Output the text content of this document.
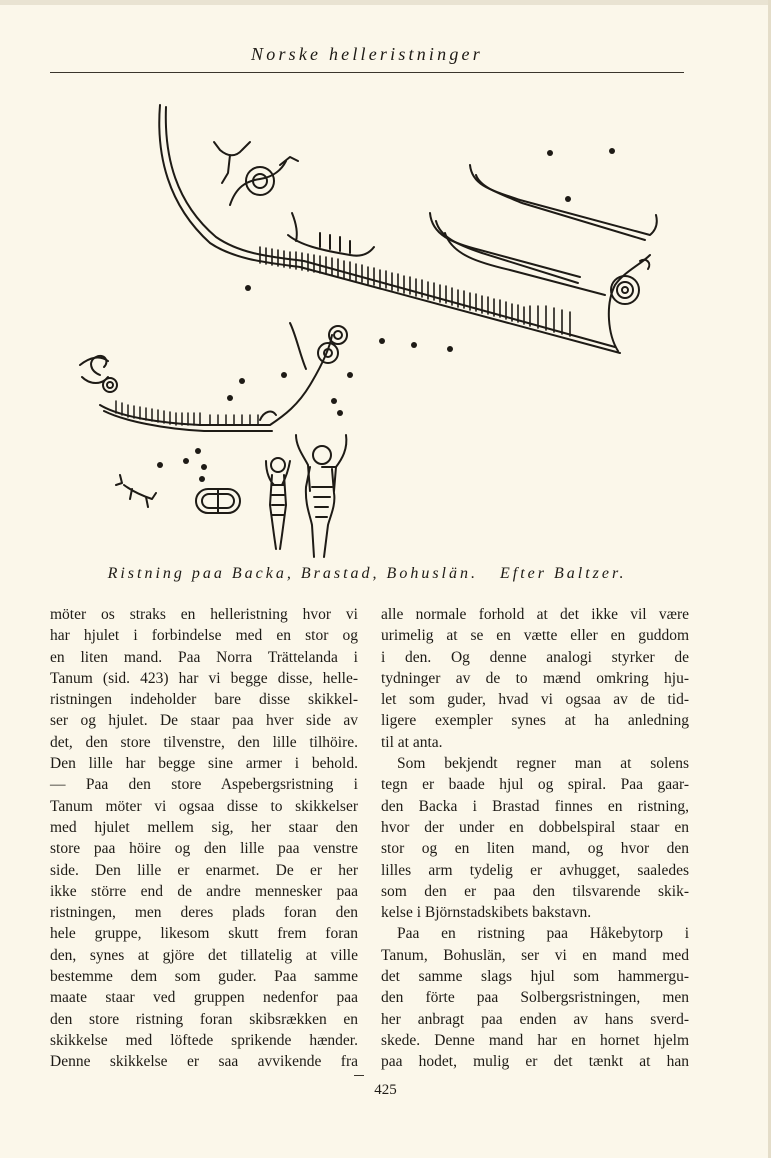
Norske helleristninger
Ristning paa Backa, Brastad, Bohuslän. Efter Baltzer.
möter os straks en helleristning hvor vi
har hjulet i forbindelse med en stor og
en liten mand. Paa Norra Trättelanda i
Tanum (sid. 423) har vi begge disse, helle-
ristningen indeholder bare disse skikkel-
ser og hjulet. De staar paa hver side av
det, den store tilvenstre, den lille tilhöire.
Den lille har begge sine armer i behold.
— Paa den store Aspebergsristning i
Tanum möter vi ogsaa disse to skikkelser
med hjulet mellem sig, her staar den
store paa höire og den lille paa venstre
side. Den lille er enarmet. De er her
ikke större end de andre mennesker paa
ristningen, men deres plads foran den
hele gruppe, likesom skutt frem foran
den, synes at gjöre det tillatelig at ville
bestemme dem som guder. Paa samme
maate staar ved gruppen nedenfor paa
den store ristning foran skibsrækken en
skikkelse med löftede sprikende hænder.
Denne skikkelse er saa avvikende fra
alle normale forhold at det ikke vil være
urimelig at se en vætte eller en guddom
i den. Og denne analogi styrker de
tydninger av de to mænd omkring hju-
let som guder, hvad vi ogsaa av de tid-
ligere exempler synes at ha anledning
til at anta.
Som bekjendt regner man at solens
tegn er baade hjul og spiral. Paa gaar-
den Backa i Brastad finnes en ristning,
hvor der under en dobbelspiral staar en
stor og en liten mand, og hvor den
lilles arm tydelig er avhugget, saaledes
som den er paa den tilsvarende skik-
kelse i Björnstadskibets bakstavn.
Paa en ristning paa Håkebytorp i
Tanum, Bohuslän, ser vi en mand med
det samme slags hjul som hammergu-
den förte paa Solbergsristningen, men
her anbragt paa enden av hans sverd-
skede. Denne mand har en hornet hjelm
paa hodet, mulig er det tænkt at han
425
